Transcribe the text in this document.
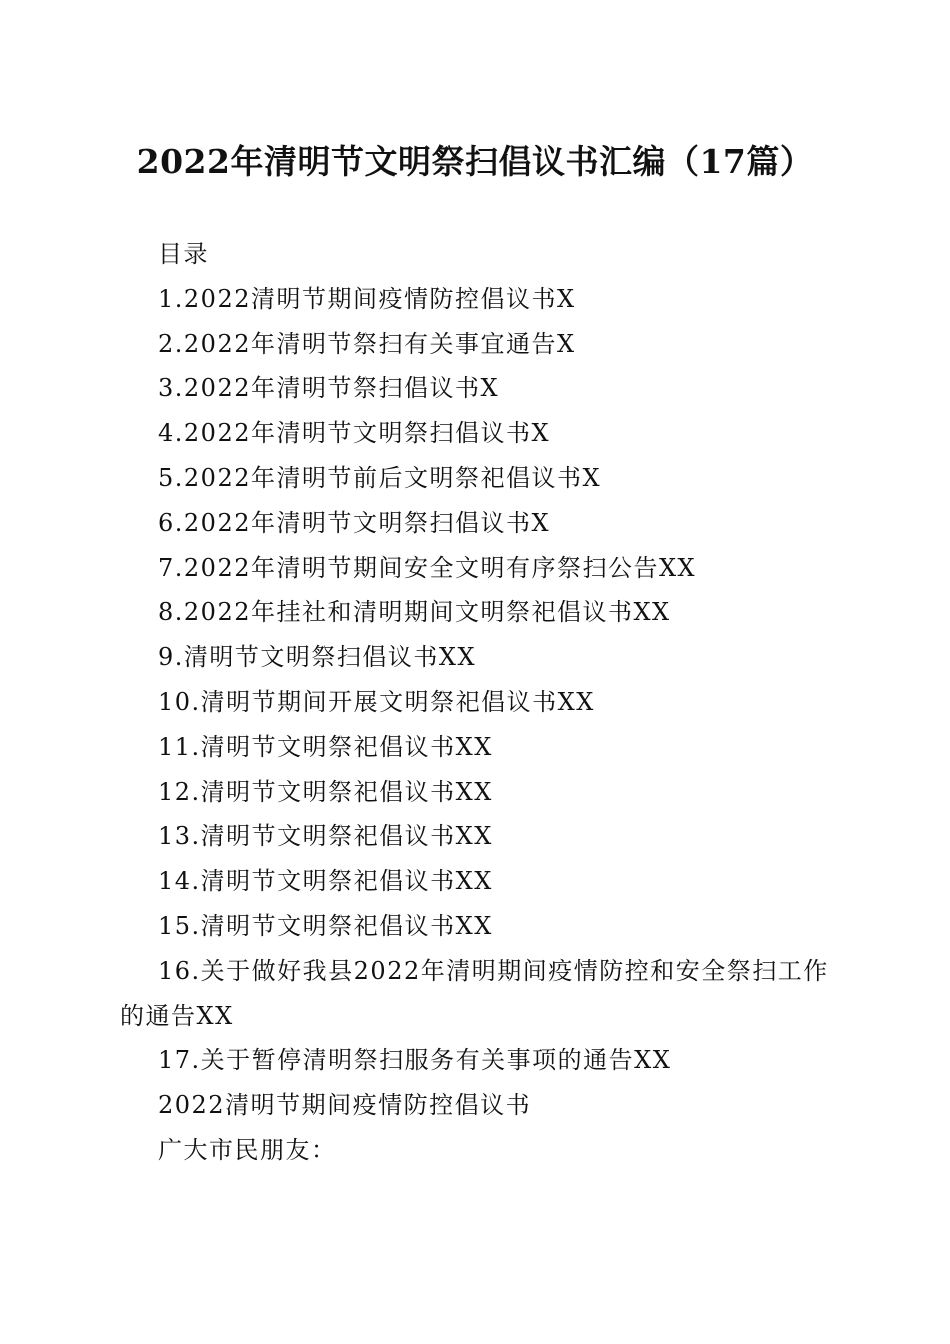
2022年清明节文明祭扫倡议书汇编（17篇）
目录
1.2022清明节期间疫情防控倡议书X
2.2022年清明节祭扫有关事宜通告X
3.2022年清明节祭扫倡议书X
4.2022年清明节文明祭扫倡议书X
5.2022年清明节前后文明祭祀倡议书X
6.2022年清明节文明祭扫倡议书X
7.2022年清明节期间安全文明有序祭扫公告XX
8.2022年挂社和清明期间文明祭祀倡议书XX
9.清明节文明祭扫倡议书XX
10.清明节期间开展文明祭祀倡议书XX
11.清明节文明祭祀倡议书XX
12.清明节文明祭祀倡议书XX
13.清明节文明祭祀倡议书XX
14.清明节文明祭祀倡议书XX
15.清明节文明祭祀倡议书XX
16.关于做好我县2022年清明期间疫情防控和安全祭扫工作的通告XX
17.关于暂停清明祭扫服务有关事项的通告XX
2022清明节期间疫情防控倡议书
广大市民朋友：
